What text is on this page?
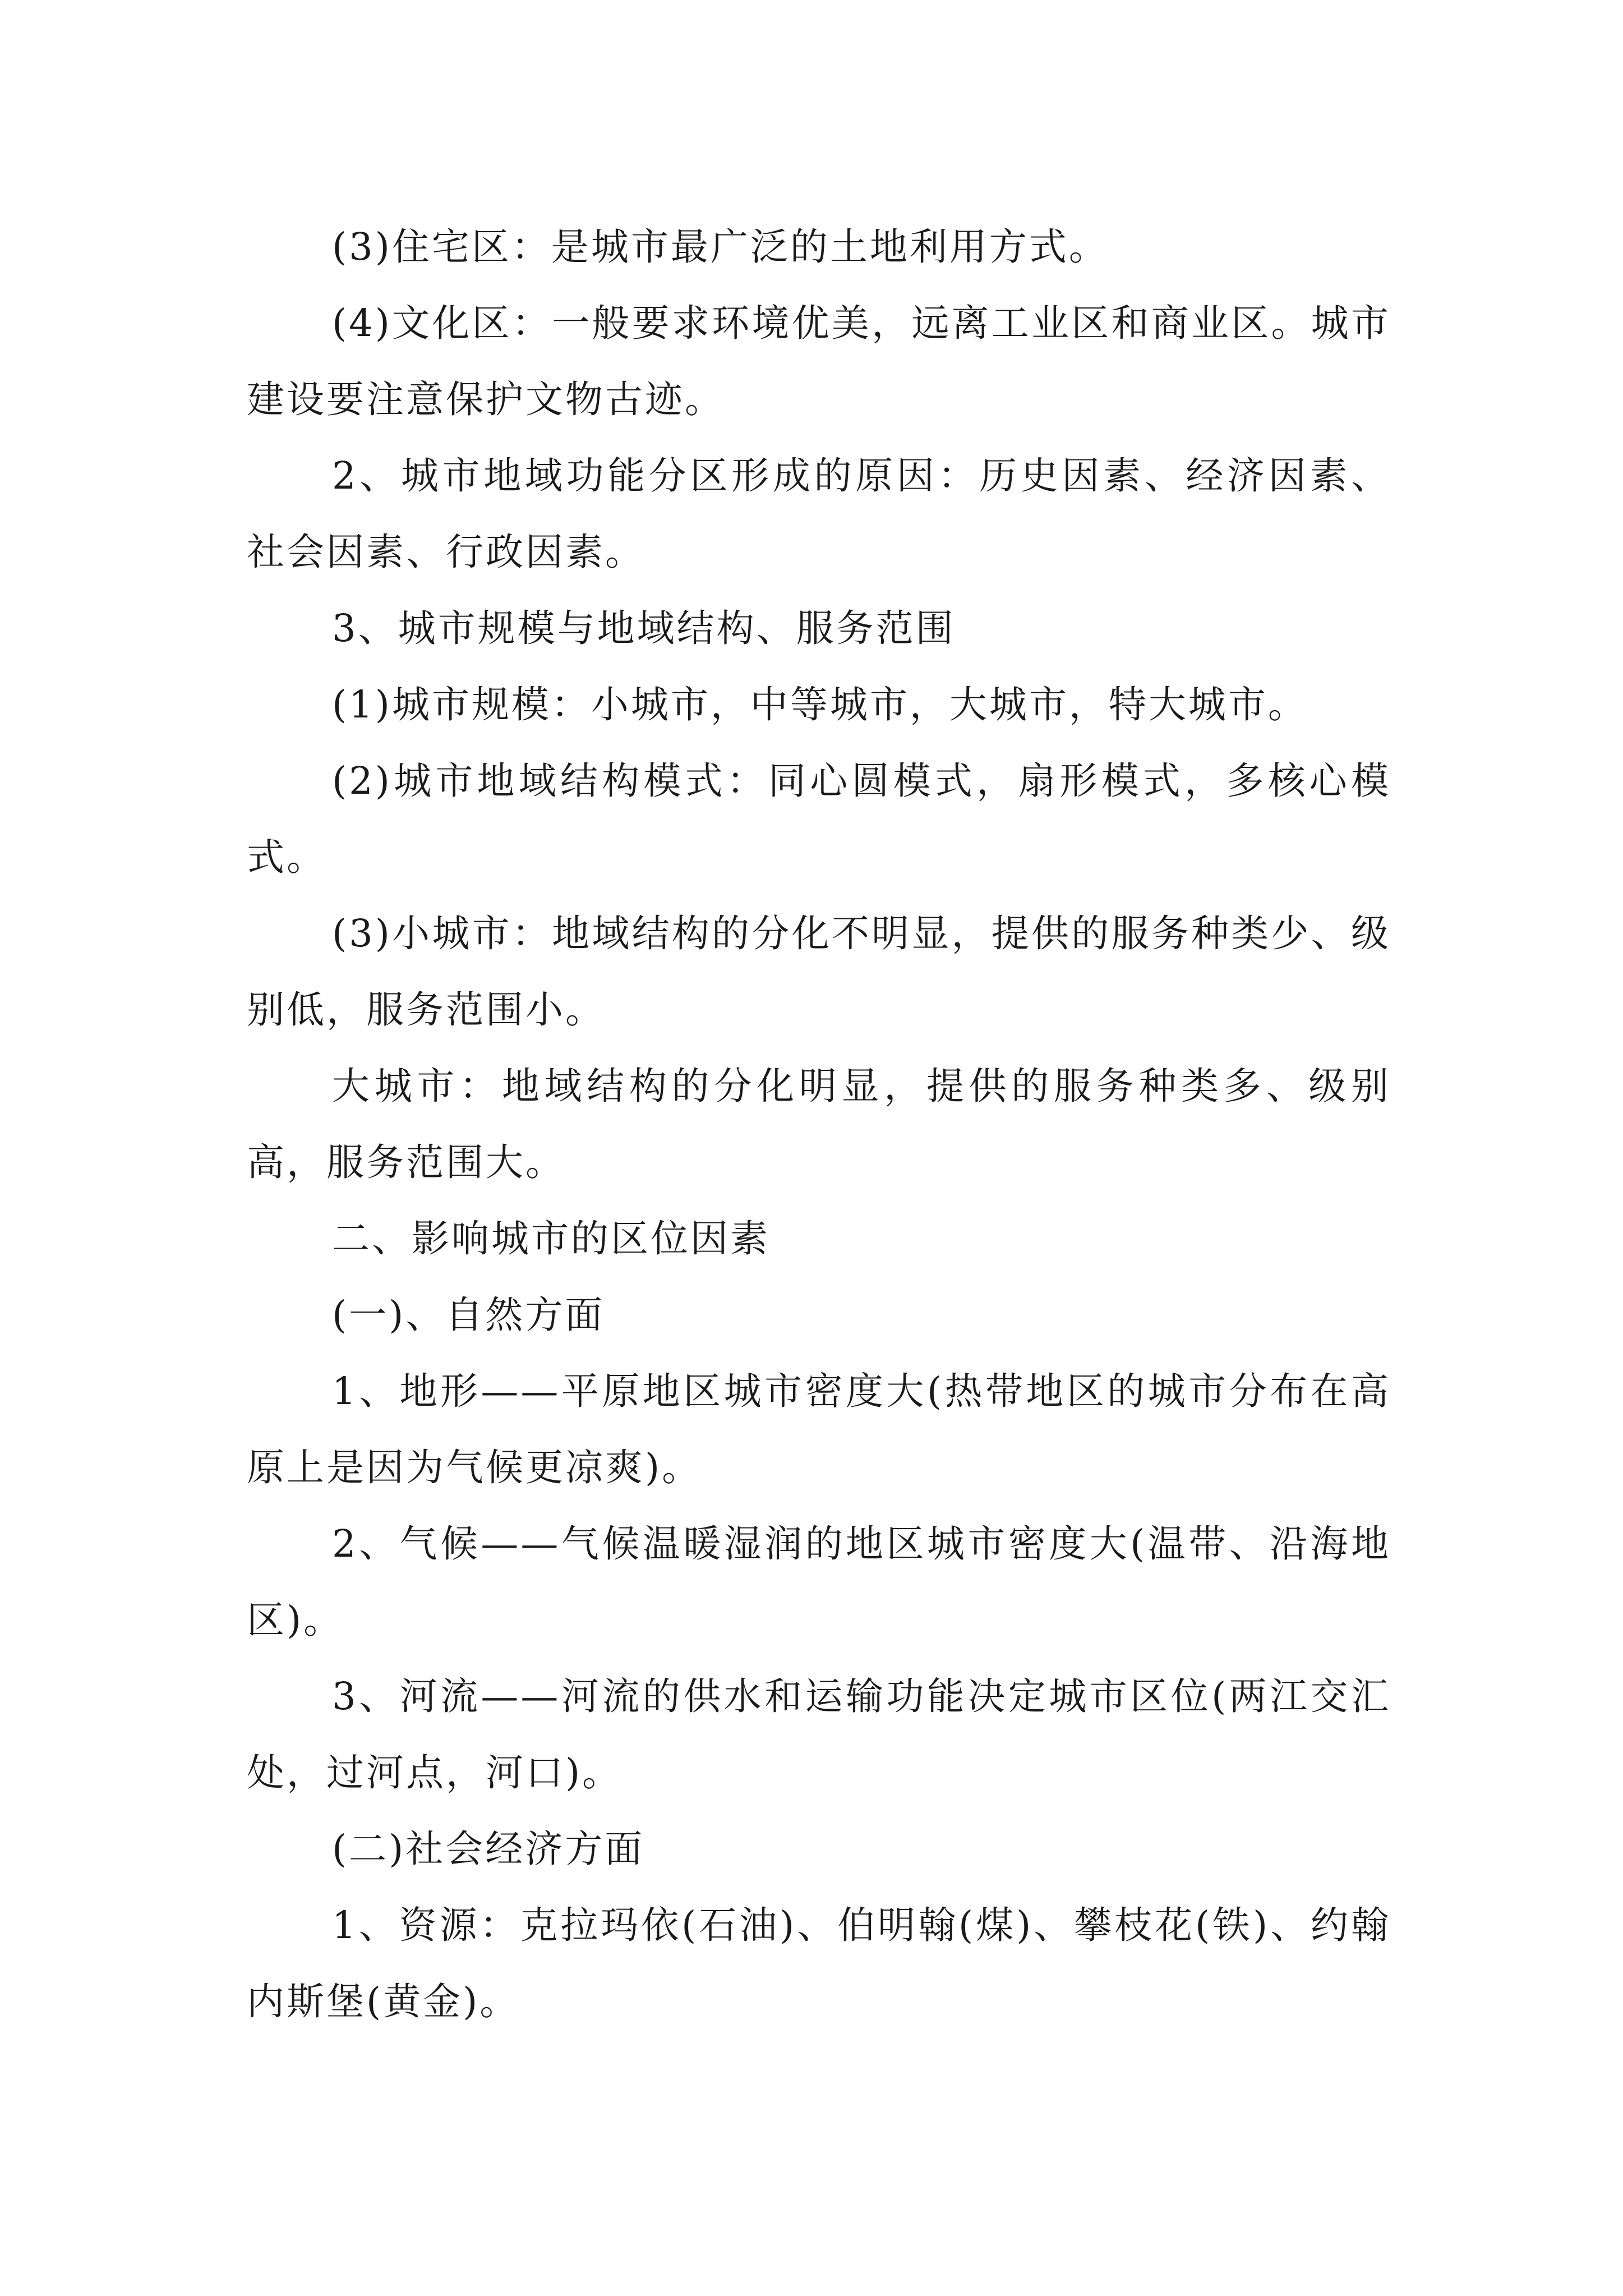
(3)住宅区：是城市最广泛的土地利用方式。

(4)文化区：一般要求环境优美，远离工业区和商业区。城市建设要注意保护文物古迹。

2、城市地域功能分区形成的原因：历史因素、经济因素、社会因素、行政因素。

3、城市规模与地域结构、服务范围

(1)城市规模：小城市，中等城市，大城市，特大城市。

(2)城市地域结构模式：同心圆模式，扇形模式，多核心模式。

(3)小城市：地域结构的分化不明显，提供的服务种类少、级别低，服务范围小。

大城市：地域结构的分化明显，提供的服务种类多、级别高，服务范围大。

二、影响城市的区位因素

(一)、自然方面

1、地形——平原地区城市密度大(热带地区的城市分布在高原上是因为气候更凉爽)。

2、气候——气候温暖湿润的地区城市密度大(温带、沿海地区)。

3、河流——河流的供水和运输功能决定城市区位(两江交汇处，过河点，河口)。

(二)社会经济方面

1、资源：克拉玛依(石油)、伯明翰(煤)、攀枝花(铁)、约翰内斯堡(黄金)。
